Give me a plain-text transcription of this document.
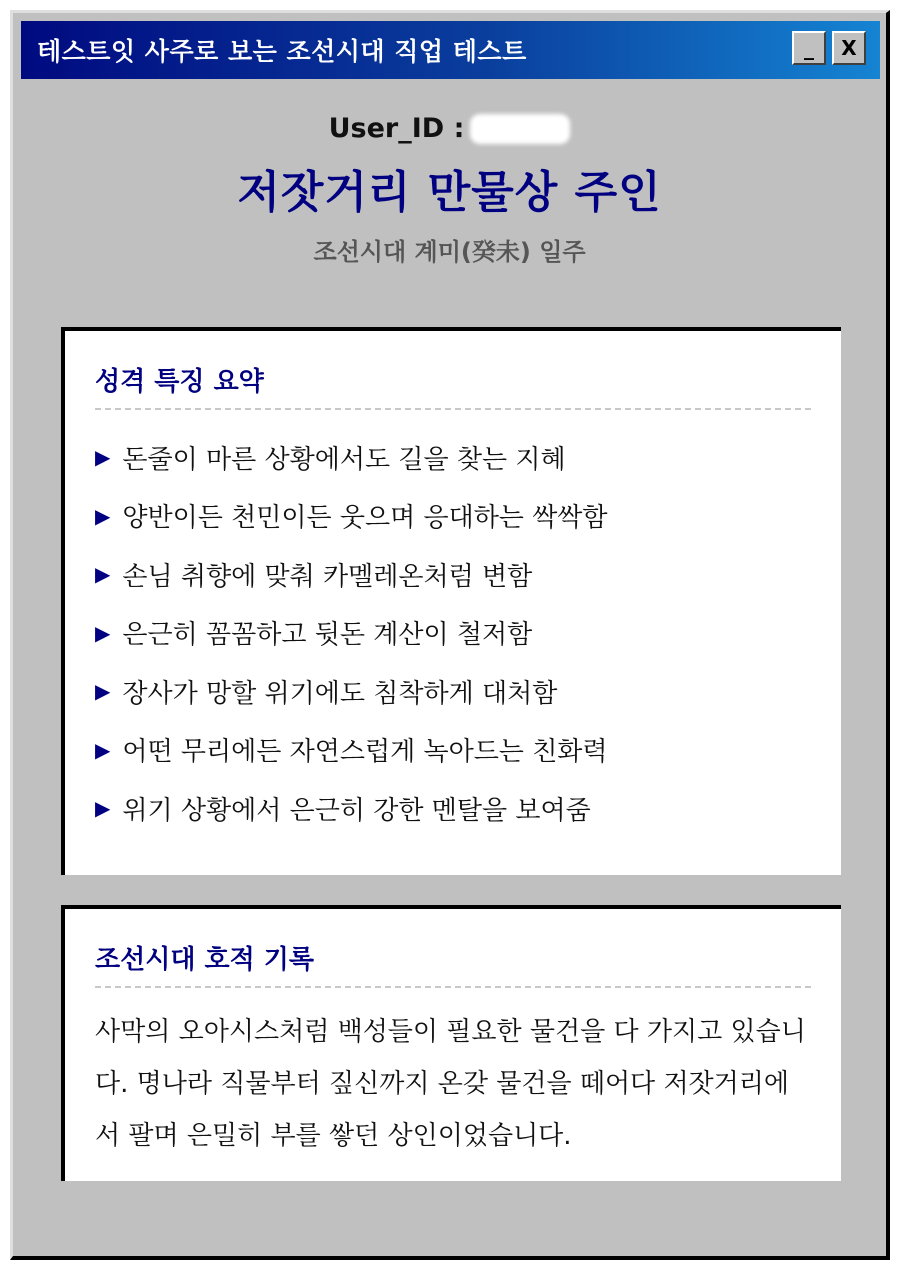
테스트잇 사주로 보는 조선시대 직업 테스트	_	X
User_ID :
저잣거리 만물상 주인
조선시대 계미(癸未) 일주
성격 특징 요약
▶ 돈줄이 마른 상황에서도 길을 찾는 지혜
▶ 양반이든 천민이든 웃으며 응대하는 싹싹함
▶ 손님 취향에 맞춰 카멜레온처럼 변함
▶ 은근히 꼼꼼하고 뒷돈 계산이 철저함
▶ 장사가 망할 위기에도 침착하게 대처함
▶ 어떤 무리에든 자연스럽게 녹아드는 친화력
▶ 위기 상황에서 은근히 강한 멘탈을 보여줌
조선시대 호적 기록
사막의 오아시스처럼 백성들이 필요한 물건을 다 가지고 있습니다. 명나라 직물부터 짚신까지 온갖 물건을 떼어다 저잣거리에서 팔며 은밀히 부를 쌓던 상인이었습니다.
